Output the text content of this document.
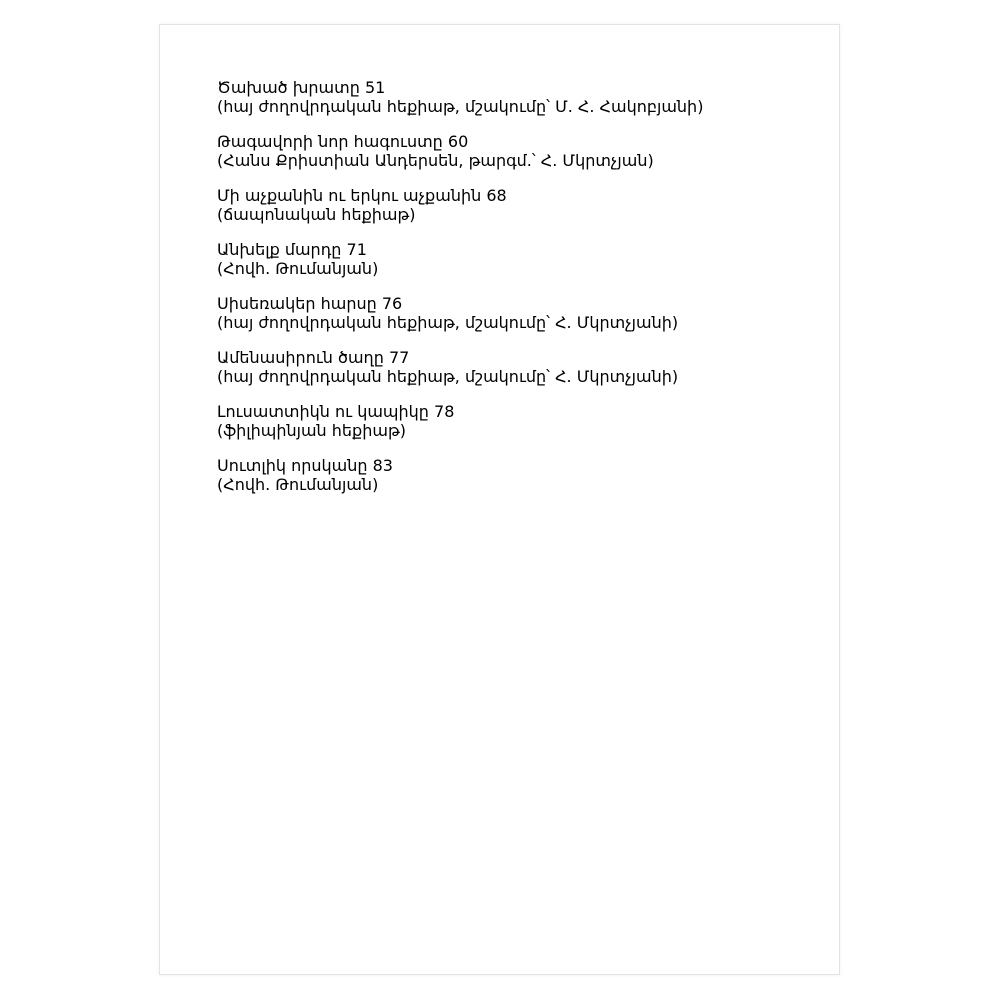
Ծախած խրատը 51
(հայ ժողովրդական հեքիաթ, մշակումը՝ Մ. Հ. Հակոբյանի)
Թագավորի նոր հագուստը 60
(Հանս Քրիստիան Անդերսեն, թարգմ.՝ Հ. Մկրտչյան)
Մի աչքանին ու երկու աչքանին 68
(ճապոնական հեքիաթ)
Անխելք մարդը 71
(Հովհ. Թումանյան)
Սիսեռակեր հարսը 76
(հայ ժողովրդական հեքիաթ, մշակումը՝ Հ. Մկրտչյանի)
Ամենասիրուն ծաղը 77
(հայ ժողովրդական հեքիաթ, մշակումը՝ Հ. Մկրտչյանի)
Լուսատտիկն ու կապիկը 78
(ֆիլիպինյան հեքիաթ)
Սուտլիկ որսկանը 83
(Հովհ. Թումանյան)
